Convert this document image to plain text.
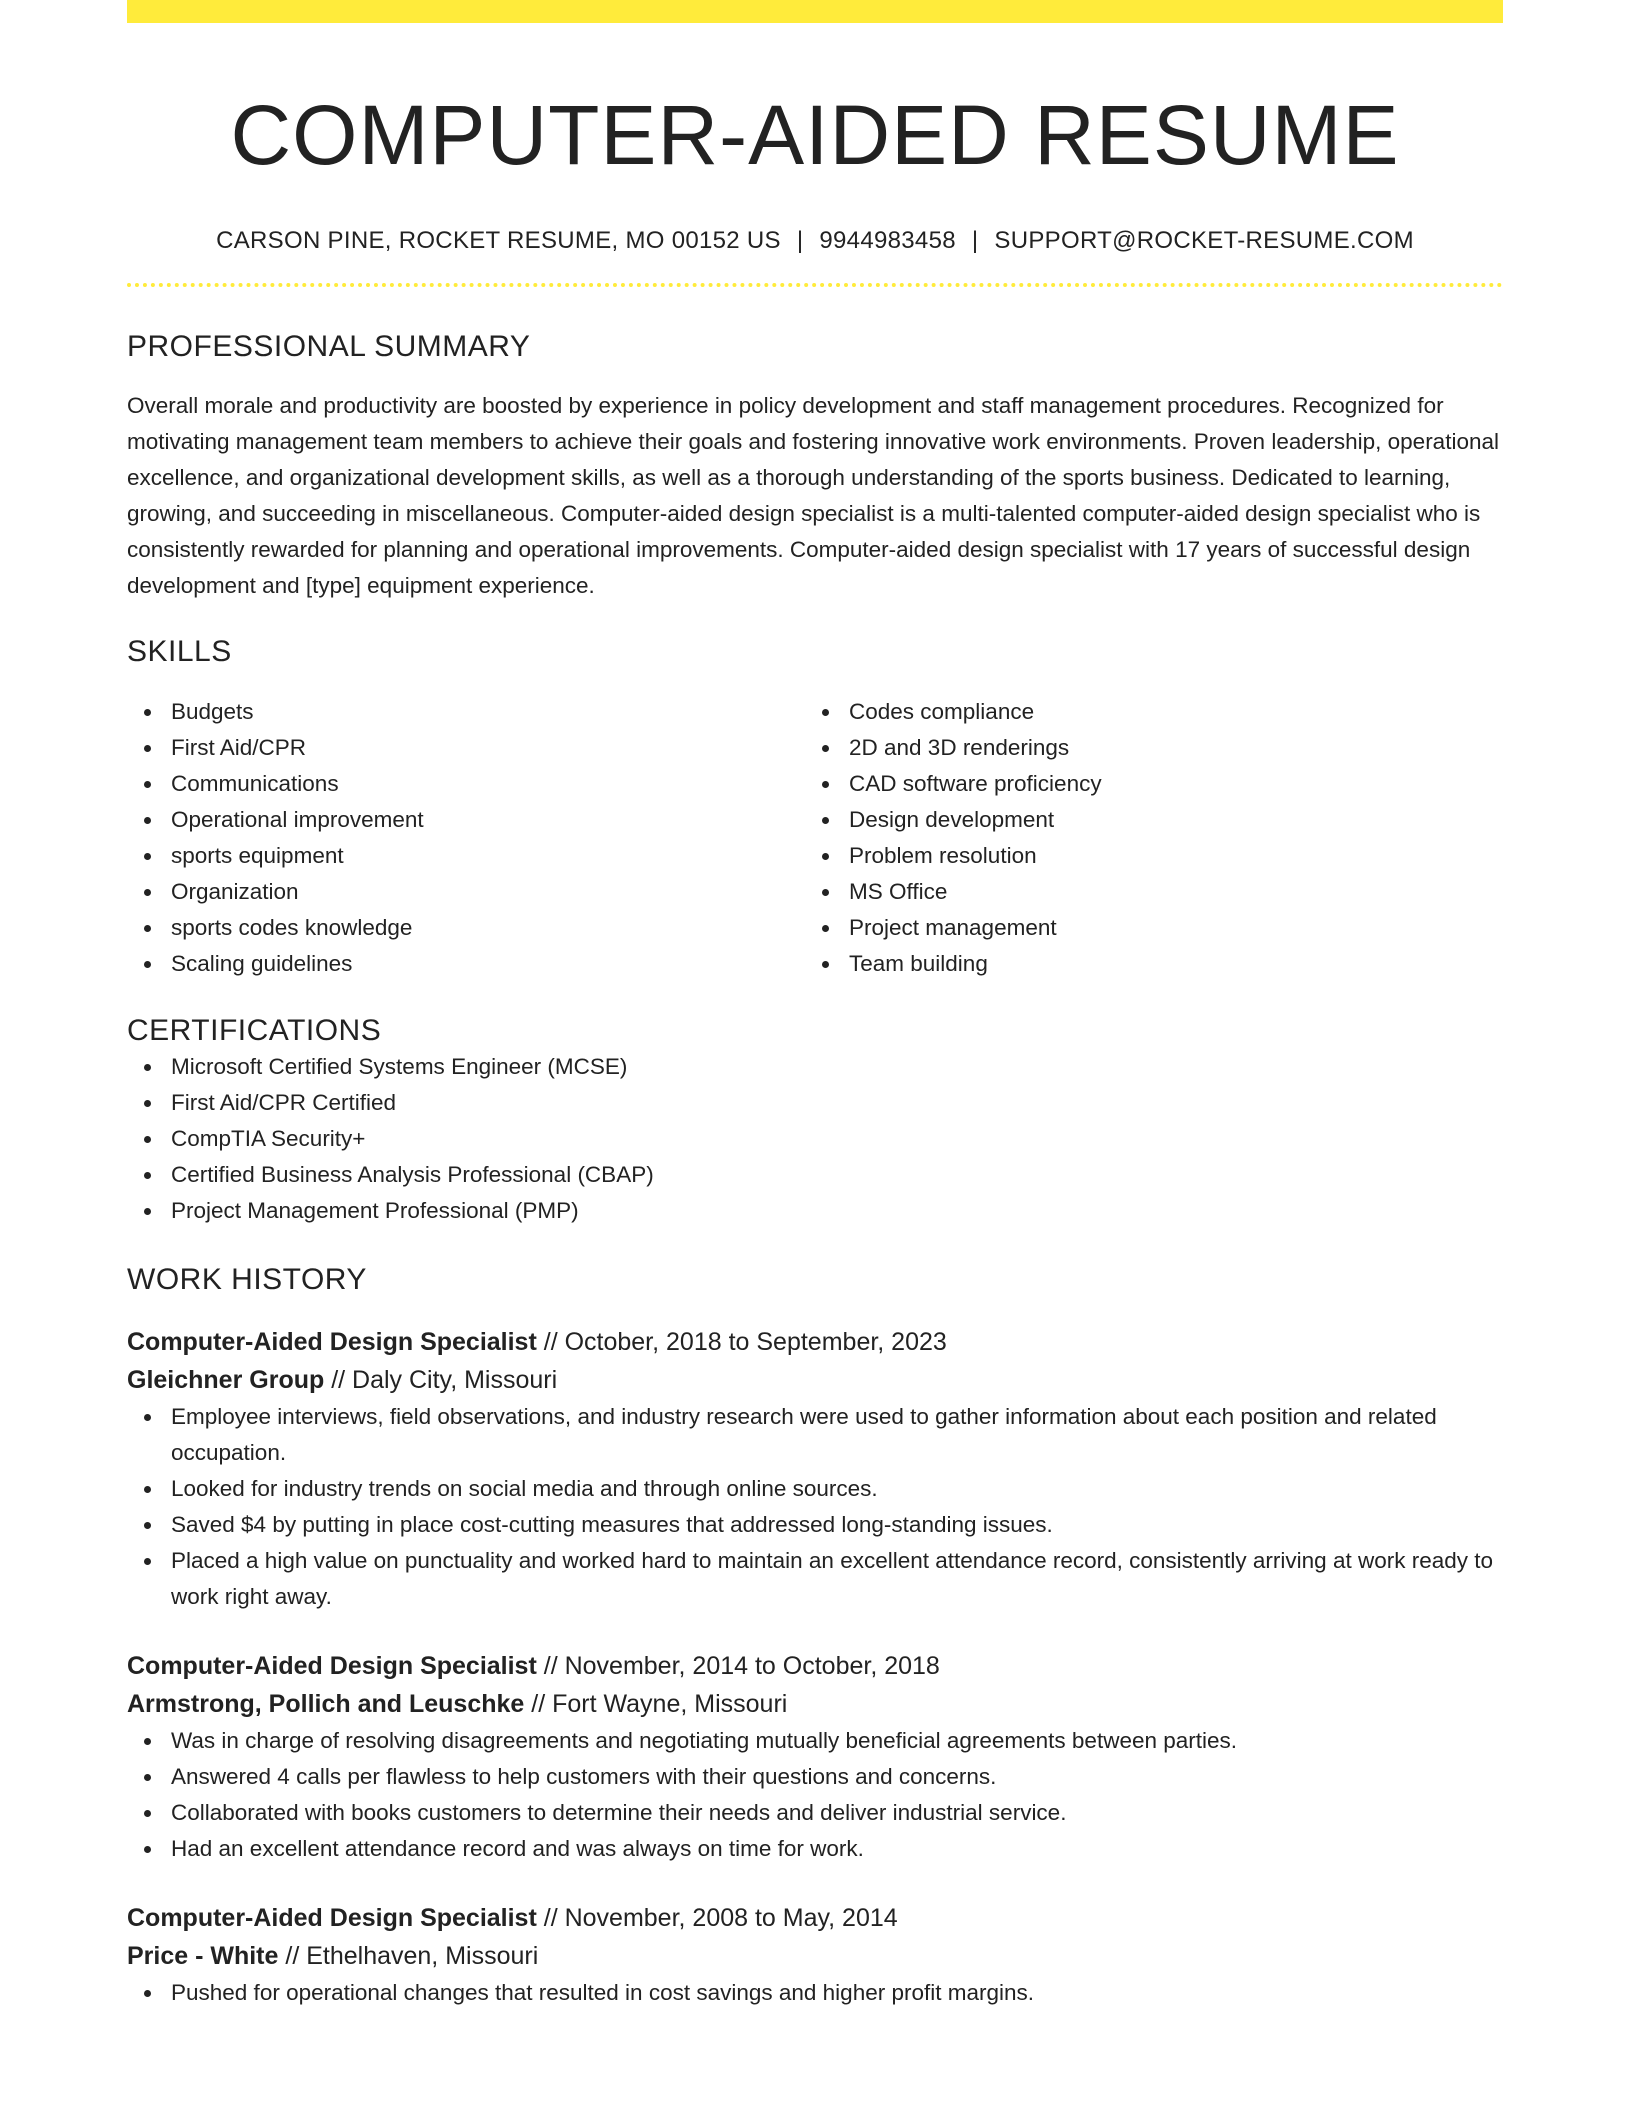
COMPUTER-AIDED RESUME
CARSON PINE, ROCKET RESUME, MO 00152 US | 9944983458 | SUPPORT@ROCKET-RESUME.COM
PROFESSIONAL SUMMARY

Overall morale and productivity are boosted by experience in policy development and staff management procedures. Recognized for motivating management team members to achieve their goals and fostering innovative work environments. Proven leadership, operational excellence, and organizational development skills, as well as a thorough understanding of the sports business. Dedicated to learning, growing, and succeeding in miscellaneous. Computer-aided design specialist is a multi-talented computer-aided design specialist who is consistently rewarded for planning and operational improvements. Computer-aided design specialist with 17 years of successful design development and [type] equipment experience.

SKILLS
Budgets
First Aid/CPR
Communications
Operational improvement
sports equipment
Organization
sports codes knowledge
Scaling guidelines
Codes compliance
2D and 3D renderings
CAD software proficiency
Design development
Problem resolution
MS Office
Project management
Team building
CERTIFICATIONS
Microsoft Certified Systems Engineer (MCSE)
First Aid/CPR Certified
CompTIA Security+
Certified Business Analysis Professional (CBAP)
Project Management Professional (PMP)
WORK HISTORY
Computer-Aided Design Specialist // October, 2018 to September, 2023
Gleichner Group // Daly City, Missouri
Employee interviews, field observations, and industry research were used to gather information about each position and related occupation.
Looked for industry trends on social media and through online sources.
Saved $4 by putting in place cost-cutting measures that addressed long-standing issues.
Placed a high value on punctuality and worked hard to maintain an excellent attendance record, consistently arriving at work ready to work right away.
Computer-Aided Design Specialist // November, 2014 to October, 2018
Armstrong, Pollich and Leuschke // Fort Wayne, Missouri
Was in charge of resolving disagreements and negotiating mutually beneficial agreements between parties.
Answered 4 calls per flawless to help customers with their questions and concerns.
Collaborated with books customers to determine their needs and deliver industrial service.
Had an excellent attendance record and was always on time for work.
Computer-Aided Design Specialist // November, 2008 to May, 2014
Price - White // Ethelhaven, Missouri
Pushed for operational changes that resulted in cost savings and higher profit margins.
